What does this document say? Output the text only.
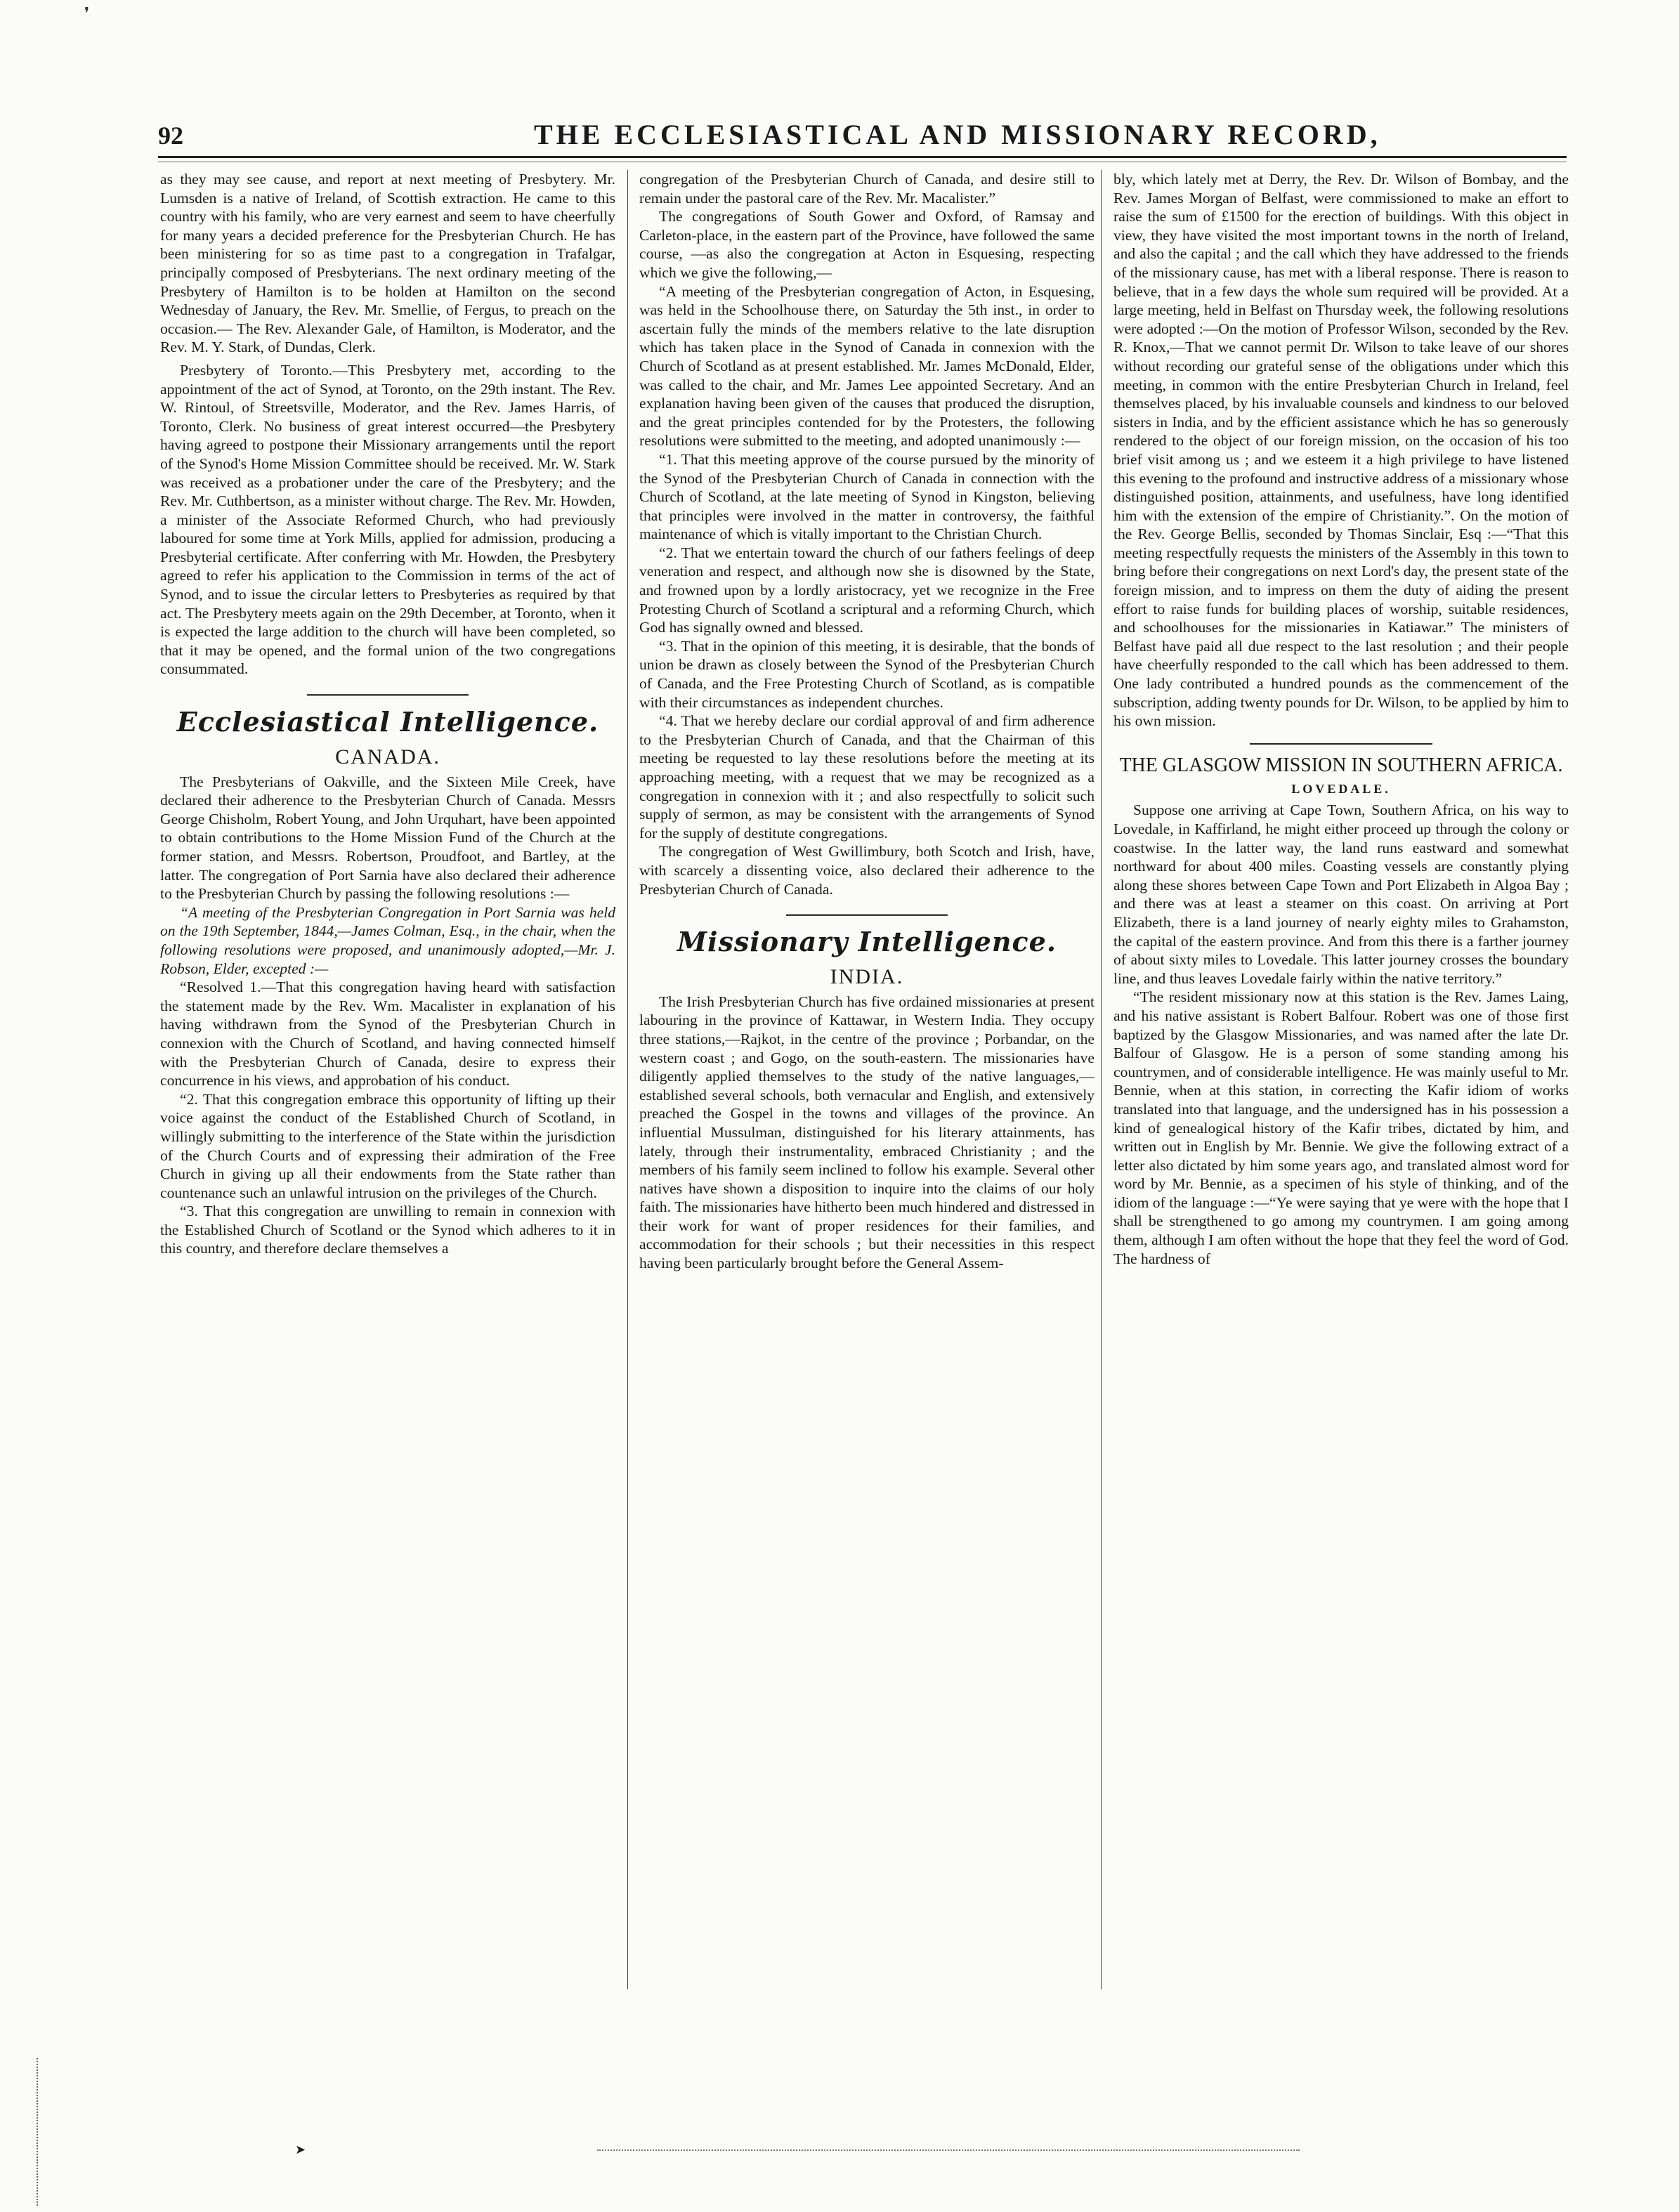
❜
92	THE ECCLESIASTICAL AND MISSIONARY RECORD,

as they may see cause, and report at next meeting of Presbytery. Mr. Lumsden is a native of Ireland, of Scottish extraction. He came to this country with his family, who are very earnest and seem to have cheerfully for many years a decided preference for the Presbyterian Church. He has been ministering for so as time past to a congregation in Trafalgar, principally composed of Presbyterians. The next ordinary meeting of the Presbytery of Hamilton is to be holden at Hamilton on the second Wednesday of January, the Rev. Mr. Smellie, of Fergus, to preach on the occasion.— The Rev. Alexander Gale, of Hamilton, is Moderator, and the Rev. M. Y. Stark, of Dundas, Clerk.

Presbytery of Toronto.—This Presbytery met, according to the appointment of the act of Synod, at Toronto, on the 29th instant. The Rev. W. Rintoul, of Streetsville, Moderator, and the Rev. James Harris, of Toronto, Clerk. No business of great interest occurred—the Presbytery having agreed to postpone their Missionary arrangements until the report of the Synod's Home Mission Committee should be received. Mr. W. Stark was received as a probationer under the care of the Presbytery; and the Rev. Mr. Cuthbertson, as a minister without charge. The Rev. Mr. Howden, a minister of the Associate Reformed Church, who had previously laboured for some time at York Mills, applied for admission, producing a Presbyterial certificate. After conferring with Mr. Howden, the Presbytery agreed to refer his application to the Commission in terms of the act of Synod, and to issue the circular letters to Presbyteries as required by that act. The Presbytery meets again on the 29th December, at Toronto, when it is expected the large addition to the church will have been completed, so that it may be opened, and the formal union of the two congregations consummated.

Ecclesiastical Intelligence.
CANADA.

The Presbyterians of Oakville, and the Sixteen Mile Creek, have declared their adherence to the Presbyterian Church of Canada. Messrs George Chisholm, Robert Young, and John Urquhart, have been appointed to obtain contributions to the Home Mission Fund of the Church at the former station, and Messrs. Robertson, Proudfoot, and Bartley, at the latter. The congregation of Port Sarnia have also declared their adherence to the Presbyterian Church by passing the following resolutions :—

“A meeting of the Presbyterian Congregation in Port Sarnia was held on the 19th September, 1844,—James Colman, Esq., in the chair, when the following resolutions were proposed, and unanimously adopted,—Mr. J. Robson, Elder, excepted :—

“Resolved 1.—That this congregation having heard with satisfaction the statement made by the Rev. Wm. Macalister in explanation of his having withdrawn from the Synod of the Presbyterian Church in connexion with the Church of Scotland, and having connected himself with the Presbyterian Church of Canada, desire to express their concurrence in his views, and approbation of his conduct.

“2. That this congregation embrace this opportunity of lifting up their voice against the conduct of the Established Church of Scotland, in willingly submitting to the interference of the State within the jurisdiction of the Church Courts and of expressing their admiration of the Free Church in giving up all their endowments from the State rather than countenance such an unlawful intrusion on the privileges of the Church.

“3. That this congregation are unwilling to remain in connexion with the Established Church of Scotland or the Synod which adheres to it in this country, and therefore declare themselves a

congregation of the Presbyterian Church of Canada, and desire still to remain under the pastoral care of the Rev. Mr. Macalister.”

The congregations of South Gower and Oxford, of Ramsay and Carleton-place, in the eastern part of the Province, have followed the same course, —as also the congregation at Acton in Esquesing, respecting which we give the following,—

“A meeting of the Presbyterian congregation of Acton, in Esquesing, was held in the Schoolhouse there, on Saturday the 5th inst., in order to ascertain fully the minds of the members relative to the late disruption which has taken place in the Synod of Canada in connexion with the Church of Scotland as at present established. Mr. James McDonald, Elder, was called to the chair, and Mr. James Lee appointed Secretary. And an explanation having been given of the causes that produced the disruption, and the great principles contended for by the Protesters, the following resolutions were submitted to the meeting, and adopted unanimously :—

“1. That this meeting approve of the course pursued by the minority of the Synod of the Presbyterian Church of Canada in connection with the Church of Scotland, at the late meeting of Synod in Kingston, believing that principles were involved in the matter in controversy, the faithful maintenance of which is vitally important to the Christian Church.

“2. That we entertain toward the church of our fathers feelings of deep veneration and respect, and although now she is disowned by the State, and frowned upon by a lordly aristocracy, yet we recognize in the Free Protesting Church of Scotland a scriptural and a reforming Church, which God has signally owned and blessed.

“3. That in the opinion of this meeting, it is desirable, that the bonds of union be drawn as closely between the Synod of the Presbyterian Church of Canada, and the Free Protesting Church of Scotland, as is compatible with their circumstances as independent churches.

“4. That we hereby declare our cordial approval of and firm adherence to the Presbyterian Church of Canada, and that the Chairman of this meeting be requested to lay these resolutions before the meeting at its approaching meeting, with a request that we may be recognized as a congregation in connexion with it ; and also respectfully to solicit such supply of sermon, as may be consistent with the arrangements of Synod for the supply of destitute congregations.

The congregation of West Gwillimbury, both Scotch and Irish, have, with scarcely a dissenting voice, also declared their adherence to the Presbyterian Church of Canada.

Missionary Intelligence.
INDIA.

The Irish Presbyterian Church has five ordained missionaries at present labouring in the province of Kattawar, in Western India. They occupy three stations,—Rajkot, in the centre of the province ; Porbandar, on the western coast ; and Gogo, on the south-eastern. The missionaries have diligently applied themselves to the study of the native languages,—established several schools, both vernacular and English, and extensively preached the Gospel in the towns and villages of the province. An influential Mussulman, distinguished for his literary attainments, has lately, through their instrumentality, embraced Christianity ; and the members of his family seem inclined to follow his example. Several other natives have shown a disposition to inquire into the claims of our holy faith. The missionaries have hitherto been much hindered and distressed in their work for want of proper residences for their families, and accommodation for their schools ; but their necessities in this respect having been particularly brought before the General Assem-

bly, which lately met at Derry, the Rev. Dr. Wilson of Bombay, and the Rev. James Morgan of Belfast, were commissioned to make an effort to raise the sum of £1500 for the erection of buildings. With this object in view, they have visited the most important towns in the north of Ireland, and also the capital ; and the call which they have addressed to the friends of the missionary cause, has met with a liberal response. There is reason to believe, that in a few days the whole sum required will be provided. At a large meeting, held in Belfast on Thursday week, the following resolutions were adopted :—On the motion of Professor Wilson, seconded by the Rev. R. Knox,—That we cannot permit Dr. Wilson to take leave of our shores without recording our grateful sense of the obligations under which this meeting, in common with the entire Presbyterian Church in Ireland, feel themselves placed, by his invaluable counsels and kindness to our beloved sisters in India, and by the efficient assistance which he has so generously rendered to the object of our foreign mission, on the occasion of his too brief visit among us ; and we esteem it a high privilege to have listened this evening to the profound and instructive address of a missionary whose distinguished position, attainments, and usefulness, have long identified him with the extension of the empire of Christianity.”. On the motion of the Rev. George Bellis, seconded by Thomas Sinclair, Esq :—“That this meeting respectfully requests the ministers of the Assembly in this town to bring before their congregations on next Lord's day, the present state of the foreign mission, and to impress on them the duty of aiding the present effort to raise funds for building places of worship, suitable residences, and schoolhouses for the missionaries in Katiawar.” The ministers of Belfast have paid all due respect to the last resolution ; and their people have cheerfully responded to the call which has been addressed to them. One lady contributed a hundred pounds as the commencement of the subscription, adding twenty pounds for Dr. Wilson, to be applied by him to his own mission.

THE GLASGOW MISSION IN SOUTHERN AFRICA.
LOVEDALE.

Suppose one arriving at Cape Town, Southern Africa, on his way to Lovedale, in Kaffirland, he might either proceed up through the colony or coastwise. In the latter way, the land runs eastward and somewhat northward for about 400 miles. Coasting vessels are constantly plying along these shores between Cape Town and Port Elizabeth in Algoa Bay ; and there was at least a steamer on this coast. On arriving at Port Elizabeth, there is a land journey of nearly eighty miles to Grahamston, the capital of the eastern province. And from this there is a farther journey of about sixty miles to Lovedale. This latter journey crosses the boundary line, and thus leaves Lovedale fairly within the native territory.”

“The resident missionary now at this station is the Rev. James Laing, and his native assistant is Robert Balfour. Robert was one of those first baptized by the Glasgow Missionaries, and was named after the late Dr. Balfour of Glasgow. He is a person of some standing among his countrymen, and of considerable intelligence. He was mainly useful to Mr. Bennie, when at this station, in correcting the Kafir idiom of works translated into that language, and the undersigned has in his possession a kind of genealogical history of the Kafir tribes, dictated by him, and written out in English by Mr. Bennie. We give the following extract of a letter also dictated by him some years ago, and translated almost word for word by Mr. Bennie, as a specimen of his style of thinking, and of the idiom of the language :—“Ye were saying that ye were with the hope that I shall be strengthened to go among my countrymen. I am going among them, although I am often without the hope that they feel the word of God. The hardness of

➤
